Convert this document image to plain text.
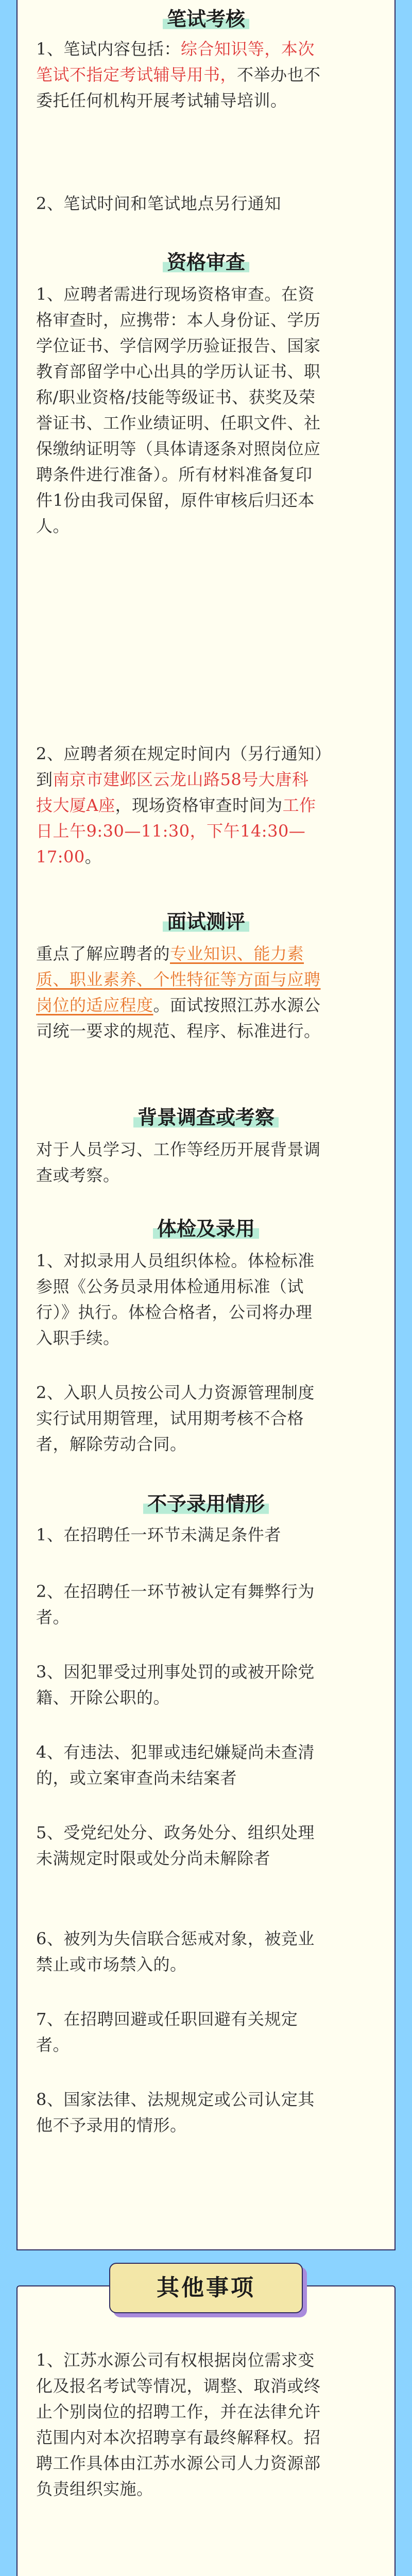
笔试考核
1、笔试内容包括：综合知识等，本次笔试不指定考试辅导用书，不举办也不委托任何机构开展考试辅导培训。
2、笔试时间和笔试地点另行通知
资格审查
1、应聘者需进行现场资格审查。在资格审查时，应携带：本人身份证、学历学位证书、学信网学历验证报告、国家教育部留学中心出具的学历认证书、职称/职业资格/技能等级证书、获奖及荣誉证书、工作业绩证明、任职文件、社保缴纳证明等（具体请逐条对照岗位应聘条件进行准备）。所有材料准备复印件1份由我司保留，原件审核后归还本人。
2、应聘者须在规定时间内（另行通知）到南京市建邺区云龙山路58号大唐科技大厦A座，现场资格审查时间为工作日上午9:30—11:30，下午14:30—17:00。
面试测评
重点了解应聘者的专业知识、能力素质、职业素养、个性特征等方面与应聘岗位的适应程度。面试按照江苏水源公司统一要求的规范、程序、标准进行。
背景调查或考察
对于人员学习、工作等经历开展背景调查或考察。
体检及录用
1、对拟录用人员组织体检。体检标准参照《公务员录用体检通用标准（试行）》执行。体检合格者，公司将办理入职手续。
2、入职人员按公司人力资源管理制度实行试用期管理，试用期考核不合格者，解除劳动合同。
不予录用情形
1、在招聘任一环节未满足条件者
2、在招聘任一环节被认定有舞弊行为者。
3、因犯罪受过刑事处罚的或被开除党籍、开除公职的。
4、有违法、犯罪或违纪嫌疑尚未查清的，或立案审查尚未结案者
5、受党纪处分、政务处分、组织处理未满规定时限或处分尚未解除者
6、被列为失信联合惩戒对象，被竞业禁止或市场禁入的。
7、在招聘回避或任职回避有关规定者。
8、国家法律、法规规定或公司认定其他不予录用的情形。
1、江苏水源公司有权根据岗位需求变化及报名考试等情况，调整、取消或终止个别岗位的招聘工作，并在法律允许范围内对本次招聘享有最终解释权。招聘工作具体由江苏水源公司人力资源部负责组织实施。
其他事项
